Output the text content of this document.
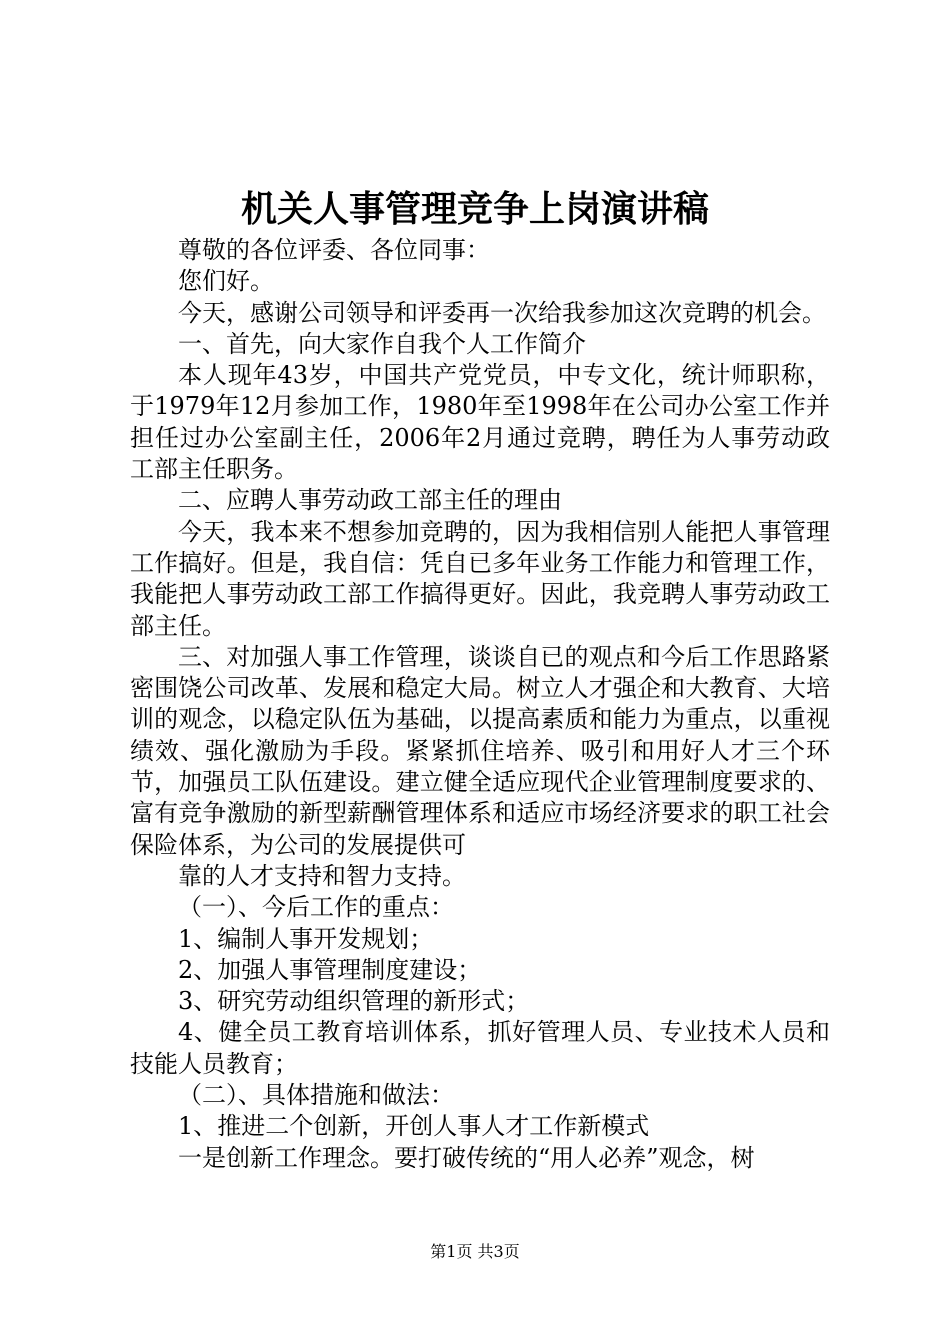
机关人事管理竞争上岗演讲稿

尊敬的各位评委、各位同事：

您们好。

今天，感谢公司领导和评委再一次给我参加这次竞聘的机会。

一、首先，向大家作自我个人工作简介

本人现年43岁，中国共产党党员，中专文化，统计师职称，于1979年12月参加工作，1980年至1998年在公司办公室工作并担任过办公室副主任，2006年2月通过竞聘，聘任为人事劳动政工部主任职务。

二、应聘人事劳动政工部主任的理由

今天，我本来不想参加竞聘的，因为我相信别人能把人事管理工作搞好。但是，我自信：凭自已多年业务工作能力和管理工作，我能把人事劳动政工部工作搞得更好。因此，我竞聘人事劳动政工部主任。

三、对加强人事工作管理，谈谈自已的观点和今后工作思路紧密围饶公司改革、发展和稳定大局。树立人才强企和大教育、大培训的观念，以稳定队伍为基础，以提高素质和能力为重点，以重视绩效、强化激励为手段。紧紧抓住培养、吸引和用好人才三个环节，加强员工队伍建设。建立健全适应现代企业管理制度要求的、富有竞争激励的新型薪酬管理体系和适应市场经济要求的职工社会保险体系，为公司的发展提供可

靠的人才支持和智力支持。

（一）、今后工作的重点：

1、编制人事开发规划；

2、加强人事管理制度建设；

3、研究劳动组织管理的新形式；

4、健全员工教育培训体系，抓好管理人员、专业技术人员和技能人员教育；

（二）、具体措施和做法：

1、推进二个创新，开创人事人才工作新模式

一是创新工作理念。要打破传统的“用人必养”观念，树

第1页 共3页
